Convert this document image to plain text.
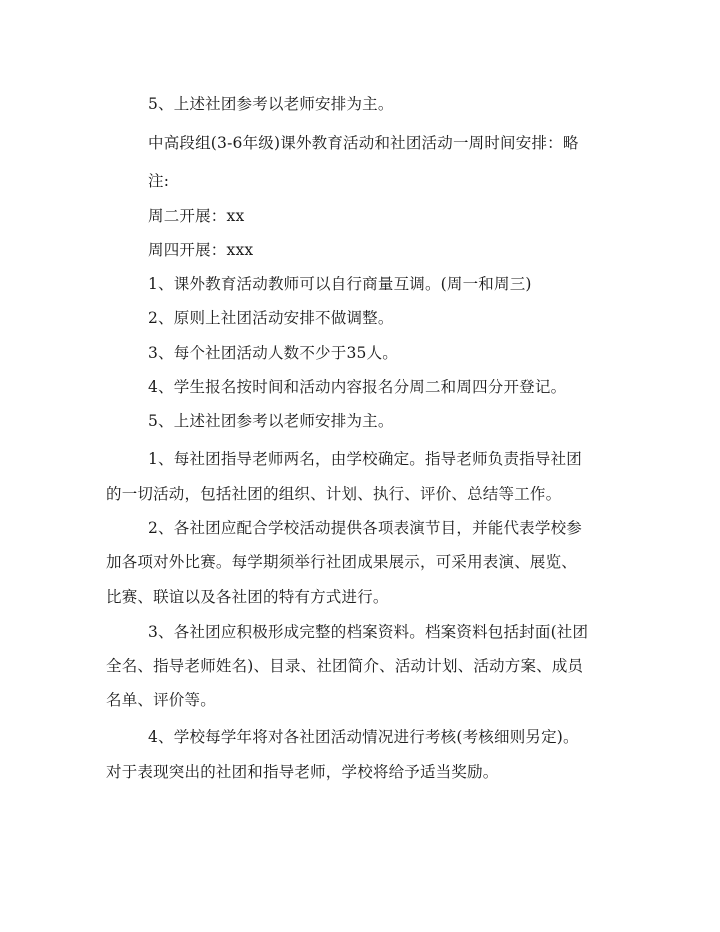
5、上述社团参考以老师安排为主。
中高段组(3-6年级)课外教育活动和社团活动一周时间安排：略
注:
周二开展：xx
周四开展：xxx
1、课外教育活动教师可以自行商量互调。(周一和周三)
2、原则上社团活动安排不做调整。
3、每个社团活动人数不少于35人。
4、学生报名按时间和活动内容报名分周二和周四分开登记。
5、上述社团参考以老师安排为主。
1、每社团指导老师两名，由学校确定。指导老师负责指导社团
的一切活动，包括社团的组织、计划、执行、评价、总结等工作。
2、各社团应配合学校活动提供各项表演节目，并能代表学校参
加各项对外比赛。每学期须举行社团成果展示，可采用表演、展览、
比赛、联谊以及各社团的特有方式进行。
3、各社团应积极形成完整的档案资料。档案资料包括封面(社团
全名、指导老师姓名)、目录、社团简介、活动计划、活动方案、成员
名单、评价等。
4、学校每学年将对各社团活动情况进行考核(考核细则另定)。
对于表现突出的社团和指导老师，学校将给予适当奖励。
